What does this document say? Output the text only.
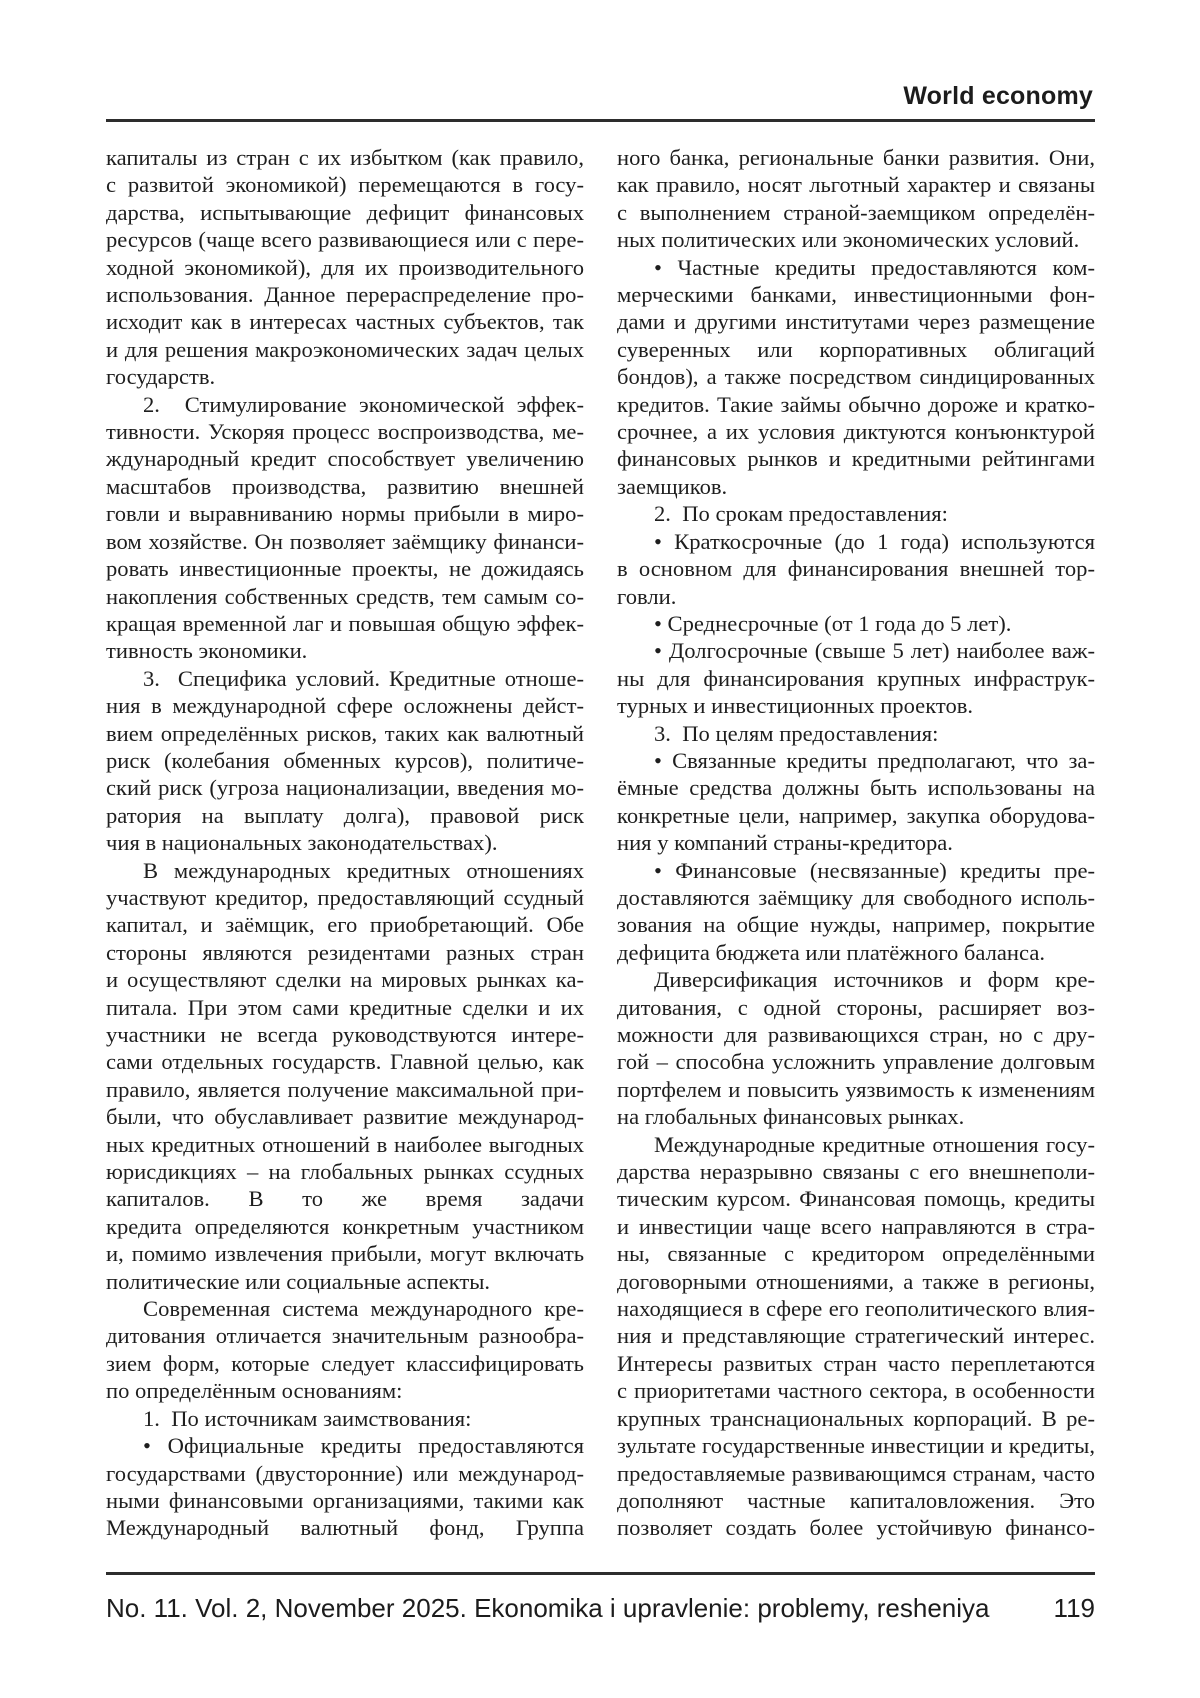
World economy
капиталы из стран с их избытком (как правило,
с развитой экономикой) перемещаются в госу-
дарства, испытывающие дефицит финансовых
ресурсов (чаще всего развивающиеся или с пере-
ходной экономикой), для их производительного
использования. Данное перераспределение про-
исходит как в интересах частных субъектов, так
и для решения макроэкономических задач целых
государств.
2.  Стимулирование экономической эффек-
тивности. Ускоряя процесс воспроизводства, ме-
ждународный кредит способствует увеличению
масштабов производства, развитию внешней
говли и выравниванию нормы прибыли в миро-
вом хозяйстве. Он позволяет заёмщику финанси-
ровать инвестиционные проекты, не дожидаясь
накопления собственных средств, тем самым со-
кращая временной лаг и повышая общую эффек-
тивность экономики.
3.  Специфика условий. Кредитные отноше-
ния в международной сфере осложнены дейст-
вием определённых рисков, таких как валютный
риск (колебания обменных курсов), политиче-
ский риск (угроза национализации, введения мо-
ратория на выплату долга), правовой риск
чия в национальных законодательствах).
В международных кредитных отношениях
участвуют кредитор, предоставляющий ссудный
капитал, и заёмщик, его приобретающий. Обе
стороны являются резидентами разных стран
и осуществляют сделки на мировых рынках ка-
питала. При этом сами кредитные сделки и их
участники не всегда руководствуются интере-
сами отдельных государств. Главной целью, как
правило, является получение максимальной при-
были, что обуславливает развитие международ-
ных кредитных отношений в наиболее выгодных
юрисдикциях – на глобальных рынках ссудных
капиталов. В то же время задачи
кредита определяются конкретным участником
и, помимо извлечения прибыли, могут включать
политические или социальные аспекты.
Современная система международного кре-
дитования отличается значительным разнообра-
зием форм, которые следует классифицировать
по определённым основаниям:
1.  По источникам заимствования:
• Официальные кредиты предоставляются
государствами (двусторонние) или международ-
ными финансовыми организациями, такими как
Международный валютный фонд, Группа
ного банка, региональные банки развития. Они,
как правило, носят льготный характер и связаны
с выполнением страной-заемщиком определён-
ных политических или экономических условий.
• Частные кредиты предоставляются ком-
мерческими банками, инвестиционными фон-
дами и другими институтами через размещение
суверенных или корпоративных облигаций
бондов), а также посредством синдицированных
кредитов. Такие займы обычно дороже и кратко-
срочнее, а их условия диктуются конъюнктурой
финансовых рынков и кредитными рейтингами
заемщиков.
2.  По срокам предоставления:
• Краткосрочные (до 1 года) используются
в основном для финансирования внешней тор-
говли.
• Среднесрочные (от 1 года до 5 лет).
• Долгосрочные (свыше 5 лет) наиболее важ-
ны для финансирования крупных инфраструк-
турных и инвестиционных проектов.
3.  По целям предоставления:
• Связанные кредиты предполагают, что за-
ёмные средства должны быть использованы на
конкретные цели, например, закупка оборудова-
ния у компаний страны-кредитора.
• Финансовые (несвязанные) кредиты пре-
доставляются заёмщику для свободного исполь-
зования на общие нужды, например, покрытие
дефицита бюджета или платёжного баланса.
Диверсификация источников и форм кре-
дитования, с одной стороны, расширяет воз-
можности для развивающихся стран, но с дру-
гой – способна усложнить управление долговым
портфелем и повысить уязвимость к изменениям
на глобальных финансовых рынках.
Международные кредитные отношения госу-
дарства неразрывно связаны с его внешнеполи-
тическим курсом. Финансовая помощь, кредиты
и инвестиции чаще всего направляются в стра-
ны, связанные с кредитором определёнными
договорными отношениями, а также в регионы,
находящиеся в сфере его геополитического влия-
ния и представляющие стратегический интерес.
Интересы развитых стран часто переплетаются
с приоритетами частного сектора, в особенности
крупных транснациональных корпораций. В ре-
зультате государственные инвестиции и кредиты,
предоставляемые развивающимся странам, часто
дополняют частные капиталовложения. Это
позволяет создать более устойчивую финансо-
No. 11. Vol. 2, November 2025. Ekonomika i upravlenie: problemy, resheniya 119
